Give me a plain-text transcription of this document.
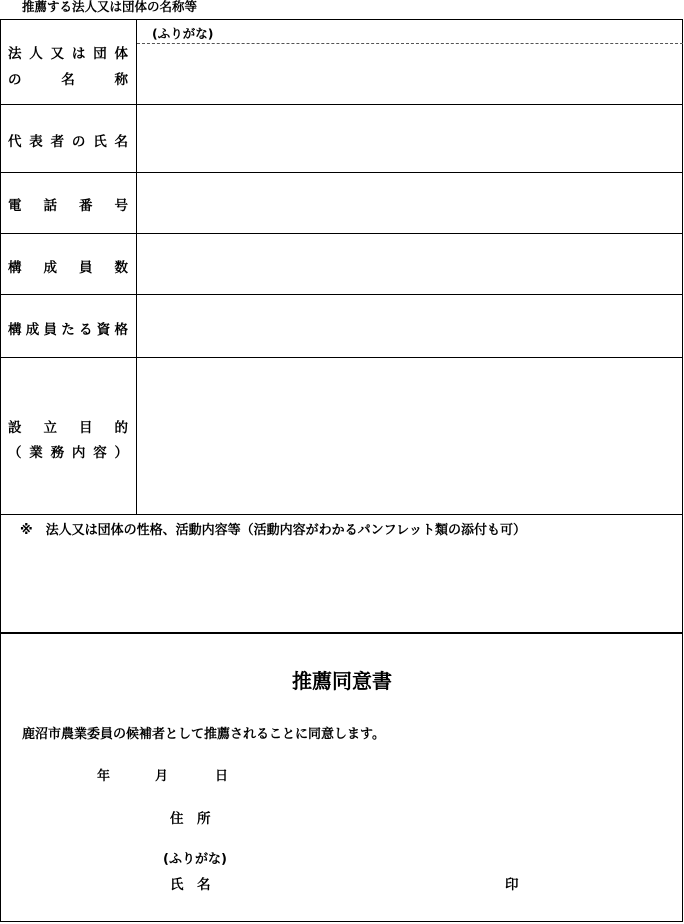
推薦する法人又は団体の名称等
法 人 又 は 団 体
の	名	称
(ふりがな)
代 表 者 の 氏 名
電 話 番 号
構 成 員 数
構 成 員 た る 資 格
設 立 目 的
（ 業 務 内 容 ）
※　法人又は団体の性格、活動内容等（活動内容がわかるパンフレット類の添付も可）
推薦同意書
鹿沼市農業委員の候補者として推薦されることに同意します。
年	月	日
住　所
(ふりがな)
氏　名	印
